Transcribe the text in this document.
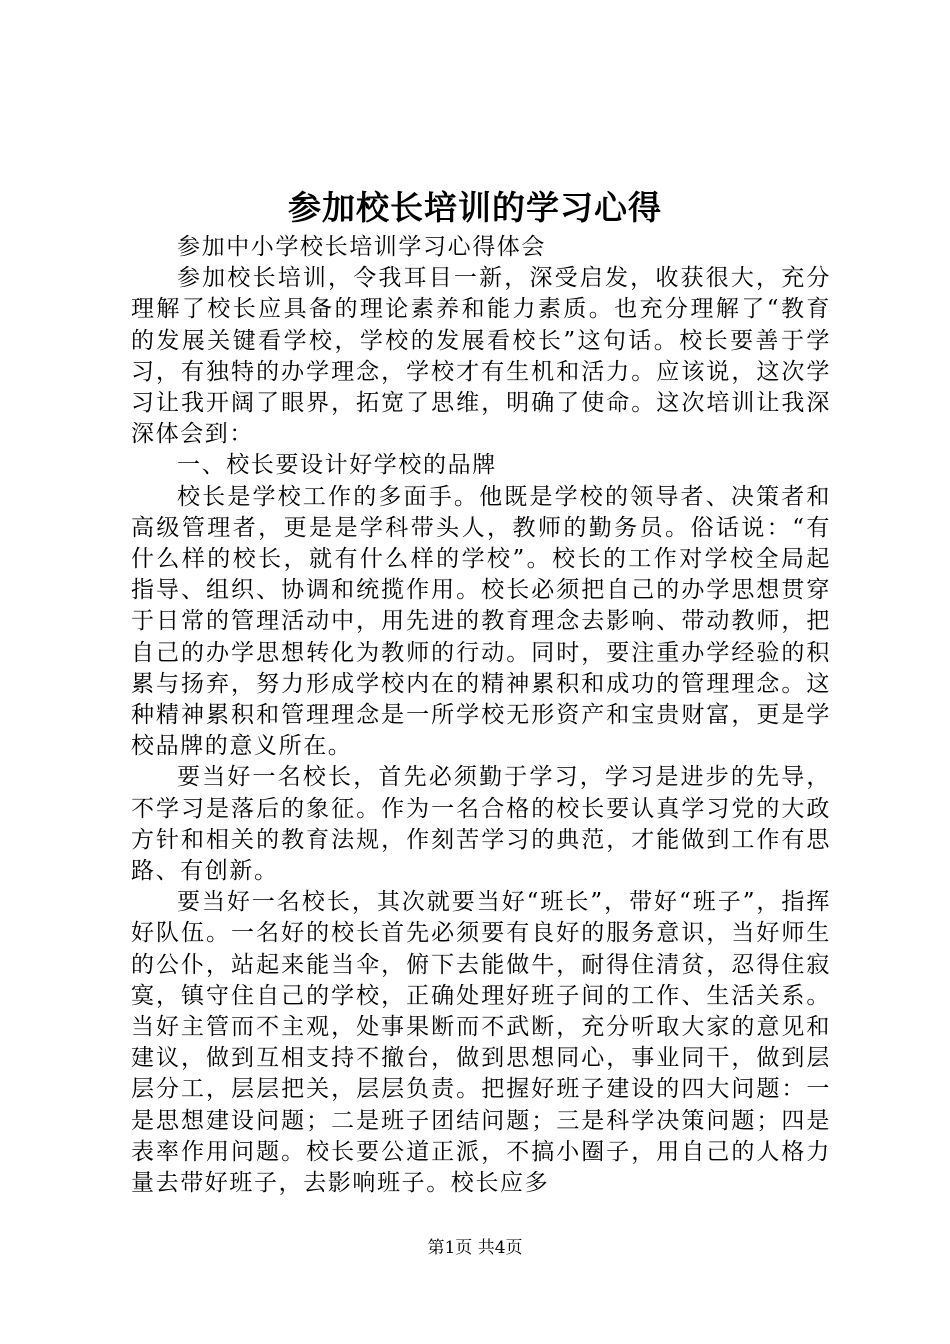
参加校长培训的学习心得

参加中小学校长培训学习心得体会

参加校长培训，令我耳目一新，深受启发，收获很大，充分理解了校长应具备的理论素养和能力素质。也充分理解了“教育的发展关键看学校，学校的发展看校长”这句话。校长要善于学习，有独特的办学理念，学校才有生机和活力。应该说，这次学习让我开阔了眼界，拓宽了思维，明确了使命。这次培训让我深深体会到：

一、校长要设计好学校的品牌

校长是学校工作的多面手。他既是学校的领导者、决策者和高级管理者，更是是学科带头人，教师的勤务员。俗话说：“有什么样的校长，就有什么样的学校”。校长的工作对学校全局起指导、组织、协调和统揽作用。校长必须把自己的办学思想贯穿于日常的管理活动中，用先进的教育理念去影响、带动教师，把自己的办学思想转化为教师的行动。同时，要注重办学经验的积累与扬弃，努力形成学校内在的精神累积和成功的管理理念。这种精神累积和管理理念是一所学校无形资产和宝贵财富，更是学校品牌的意义所在。

要当好一名校长，首先必须勤于学习，学习是进步的先导，不学习是落后的象征。作为一名合格的校长要认真学习党的大政方针和相关的教育法规，作刻苦学习的典范，才能做到工作有思路、有创新。

要当好一名校长，其次就要当好“班长”，带好“班子”，指挥好队伍。一名好的校长首先必须要有良好的服务意识，当好师生的公仆，站起来能当伞，俯下去能做牛，耐得住清贫，忍得住寂寞，镇守住自己的学校，正确处理好班子间的工作、生活关系。当好主管而不主观，处事果断而不武断，充分听取大家的意见和建议，做到互相支持不撤台，做到思想同心，事业同干，做到层层分工，层层把关，层层负责。把握好班子建设的四大问题：一是思想建设问题；二是班子团结问题；三是科学决策问题；四是表率作用问题。校长要公道正派，不搞小圈子，用自己的人格力量去带好班子，去影响班子。校长应多

第1页 共4页
